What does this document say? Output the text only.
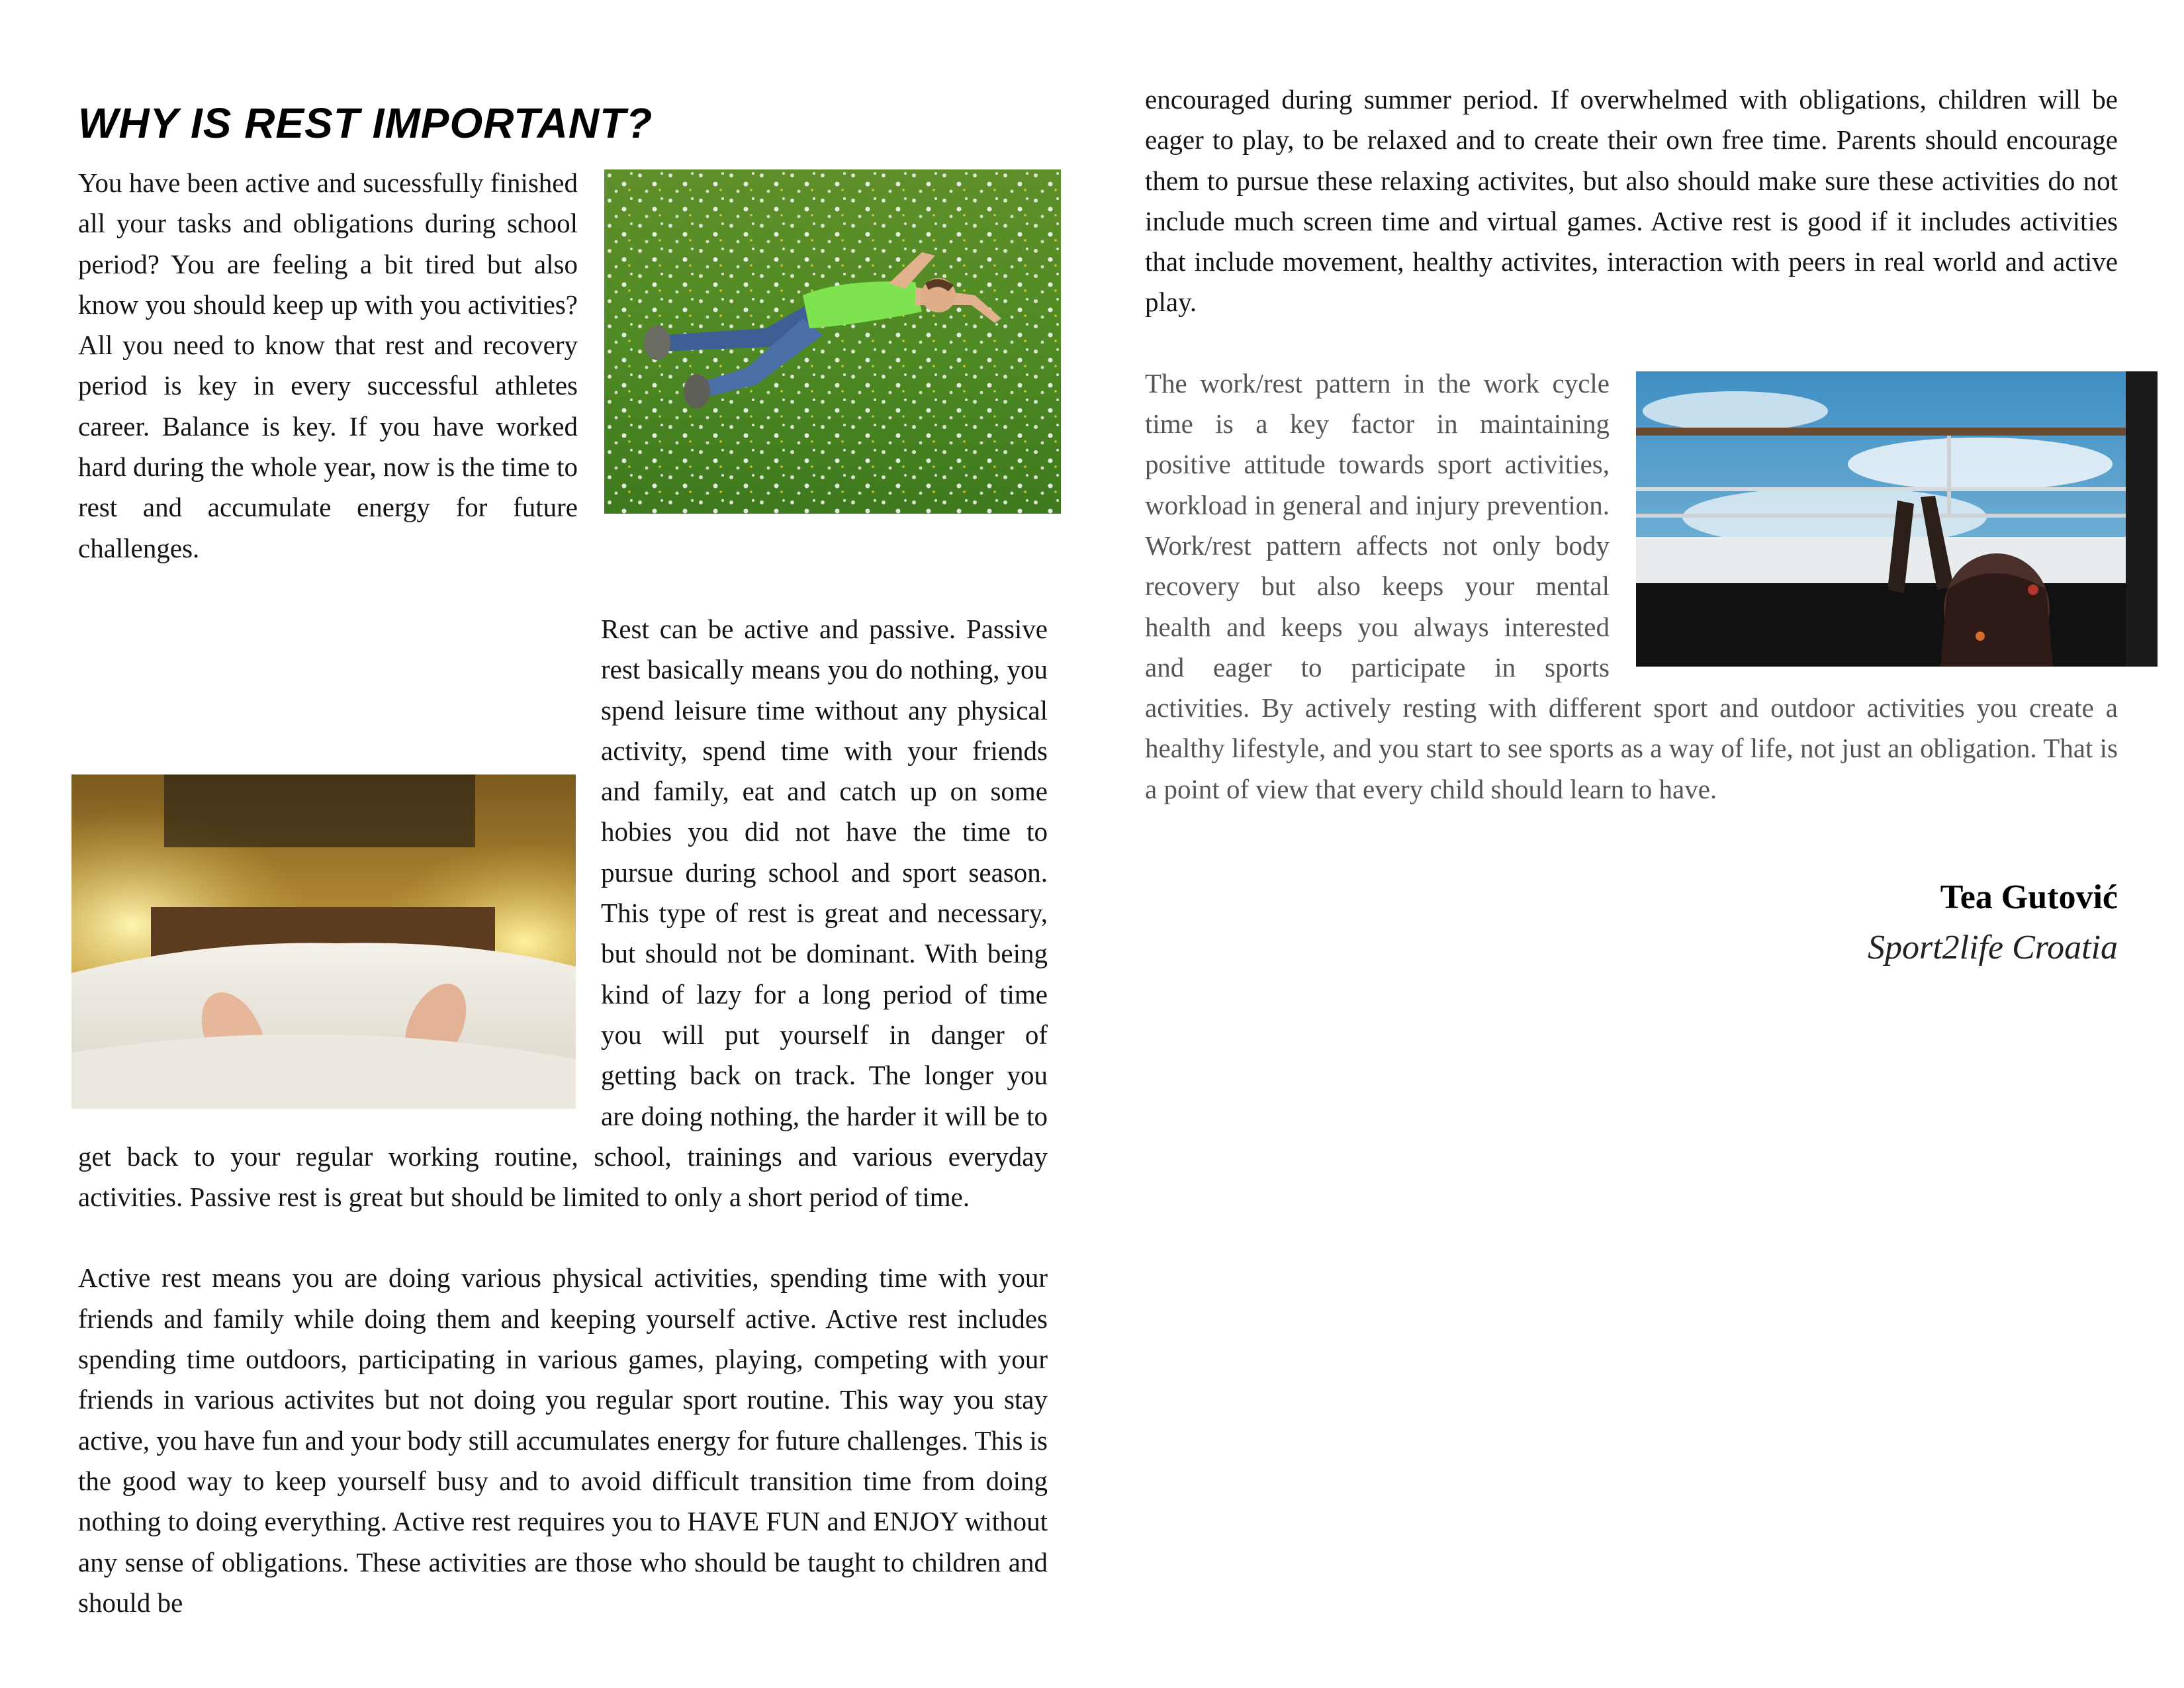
WHY IS REST IMPORTANT?

You have been active and sucessfully finished all your tasks and obligations during school period? You are feeling a bit tired but also know you should keep up with you activities? All you need to know that rest and recovery period is key in every successful athletes career. Balance is key. If you have worked hard during the whole year, now is the time to rest and accumulate energy for future challenges.

Rest can be active and passive. Passive rest basically means you do nothing, you spend leisure time without any physical activity, spend time with your friends and family, eat and catch up on some hobies you did not have the time to pursue during school and sport season. This type of rest is great and necessary, but should not be dominant. With being kind of lazy for a long period of time you will put yourself in danger of getting back on track. The longer you are doing nothing, the harder it will be to get back to your regular working routine, school, trainings and various everyday activities. Passive rest is great but should be limited to only a short period of time.

Active rest means you are doing various physical activities, spending time with your friends and family while doing them and keeping yourself active. Active rest includes spending time outdoors, participating in various games, playing, competing with your friends in various activites but not doing you regular sport routine. This way you stay active, you have fun and your body still accumulates energy for future challenges. This is the good way to keep yourself busy and to avoid difficult transition time from doing nothing to doing everything. Active rest requires you to HAVE FUN and ENJOY without any sense of obligations. These activities are those who should be taught to children and should be

encouraged during summer period. If overwhelmed with obligations, children will be eager to play, to be relaxed and to create their own free time. Parents should encourage them to pursue these relaxing activites, but also should make sure these activities do not include much screen time and virtual games. Active rest is good if it includes activities that include movement, healthy activites, interaction with peers in real world and active play.

The work/rest pattern in the work cycle time is a key factor in maintaining positive attitude towards sport activities, workload in general and injury prevention. Work/rest pattern affects not only body recovery but also keeps your mental health and keeps you always interested and eager to participate in sports activities. By actively resting with different sport and outdoor activities you create a healthy lifestyle, and you start to see sports as a way of life, not just an obligation. That is a point of view that every child should learn to have.

Tea Gutović
Sport2life Croatia
